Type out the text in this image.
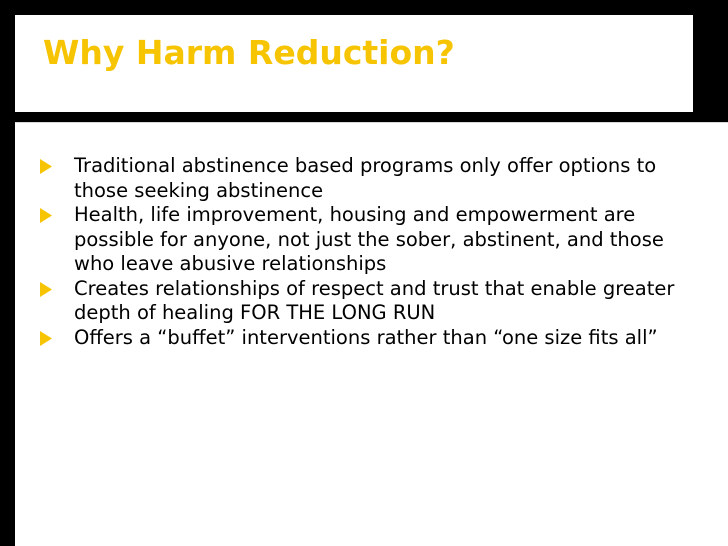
Why Harm Reduction?
Traditional abstinence based programs only offer options to those seeking abstinence
Health, life improvement, housing and empowerment are possible for anyone, not just the sober, abstinent, and those who leave abusive relationships
Creates relationships of respect and trust that enable greater depth of healing FOR THE LONG RUN
Offers a “buffet” interventions rather than “one size fits all”
